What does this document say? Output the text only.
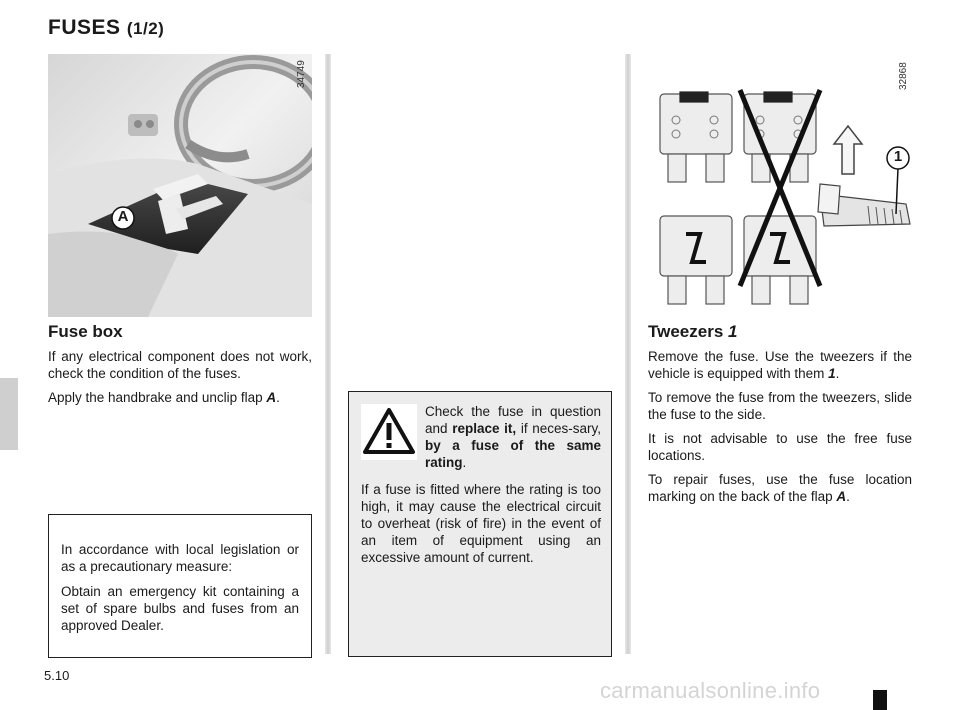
FUSES (1/2)
A
34749
Fuse box

If any electrical component does not work, check the condition of the fuses.

Apply the handbrake and unclip flap A.

In accordance with local legislation or as a precautionary measure:

Obtain an emergency kit containing a set of spare bulbs and fuses from an approved Dealer.

Check the fuse in question and replace it, if neces-sary, by a fuse of the same rating.

If a fuse is fitted where the rating is too high, it may cause the electrical circuit to overheat (risk of fire) in the event of an item of equipment using an excessive amount of current.

1
32868
Tweezers 1

Remove the fuse. Use the tweezers if the vehicle is equipped with them 1.

To remove the fuse from the tweezers, slide the fuse to the side.

It is not advisable to use the free fuse locations.

To repair fuses, use the fuse location marking on the back of the flap A.

5.10
carmanualsonline.info
